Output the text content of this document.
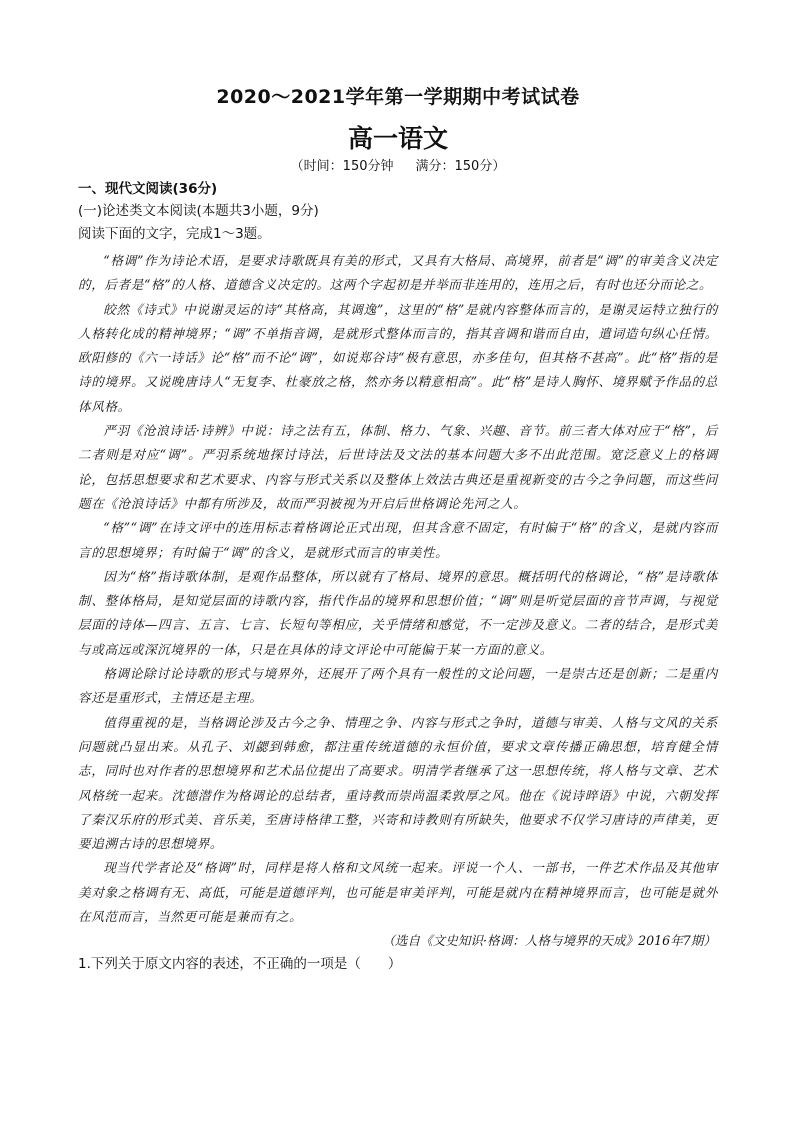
2020～2021学年第一学期期中考试试卷
高一语文

（时间：150分钟 满分：150分）

一、现代文阅读(36分)

(一)论述类文本阅读(本题共3小题，9分)

阅读下面的文字，完成1～3题。

“格调”作为诗论术语，是要求诗歌既具有美的形式，又具有大格局、高境界，前者是“调”的审美含义决定的，后者是“格”的人格、道德含义决定的。这两个字起初是并举而非连用的，连用之后，有时也还分而论之。

皎然《诗式》中说谢灵运的诗“其格高，其调逸”，这里的“格”是就内容整体而言的，是谢灵运特立独行的人格转化成的精神境界；“调”不单指音调，是就形式整体而言的，指其音调和谐而自由，遣词造句纵心任情。欧阳修的《六一诗话》论“格”而不论“调”，如说郑谷诗“极有意思，亦多佳句，但其格不甚高”。此“格”指的是诗的境界。又说晚唐诗人“无复李、杜豪放之格，然亦务以精意相高”。此“格”是诗人胸怀、境界赋予作品的总体风格。

严羽《沧浪诗话·诗辨》中说：诗之法有五，体制、格力、气象、兴趣、音节。前三者大体对应于“格”，后二者则是对应“调”。严羽系统地探讨诗法，后世诗法及文法的基本问题大多不出此范围。宽泛意义上的格调论，包括思想要求和艺术要求、内容与形式关系以及整体上效法古典还是重视新变的古今之争问题，而这些问题在《沧浪诗话》中都有所涉及，故而严羽被视为开启后世格调论先河之人。

“格”“调”在诗文评中的连用标志着格调论正式出现，但其含意不固定，有时偏于“格”的含义，是就内容而言的思想境界；有时偏于“调”的含义，是就形式而言的审美性。

因为“格”指诗歌体制，是观作品整体，所以就有了格局、境界的意思。概括明代的格调论，“格”是诗歌体制、整体格局，是知觉层面的诗歌内容，指代作品的境界和思想价值；“调”则是听觉层面的音节声调，与视觉层面的诗体—四言、五言、七言、长短句等相应，关乎情绪和感觉，不一定涉及意义。二者的结合，是形式美与或高远或深沉境界的一体，只是在具体的诗文评论中可能偏于某一方面的意义。

格调论除讨论诗歌的形式与境界外，还展开了两个具有一般性的文论问题，一是崇古还是创新；二是重内容还是重形式，主情还是主理。

值得重视的是，当格调论涉及古今之争、情理之争、内容与形式之争时，道德与审美、人格与文风的关系问题就凸显出来。从孔子、刘勰到韩愈，都注重传统道德的永恒价值，要求文章传播正确思想，培育健全情志，同时也对作者的思想境界和艺术品位提出了高要求。明清学者继承了这一思想传统，将人格与文章、艺术风格统一起来。沈德潜作为格调论的总结者，重诗教而崇尚温柔敦厚之风。他在《说诗晬语》中说，六朝发挥了秦汉乐府的形式美、音乐美，至唐诗格律工整，兴寄和诗教则有所缺失，他要求不仅学习唐诗的声律美，更要追溯古诗的思想境界。

现当代学者论及“格调”时，同样是将人格和文风统一起来。评说一个人、一部书，一件艺术作品及其他审美对象之格调有无、高低，可能是道德评判，也可能是审美评判，可能是就内在精神境界而言，也可能是就外在风范而言，当然更可能是兼而有之。

（选自《文史知识·格调：人格与境界的天成》2016年7期）

1.下列关于原文内容的表述，不正确的一项是（　　）
